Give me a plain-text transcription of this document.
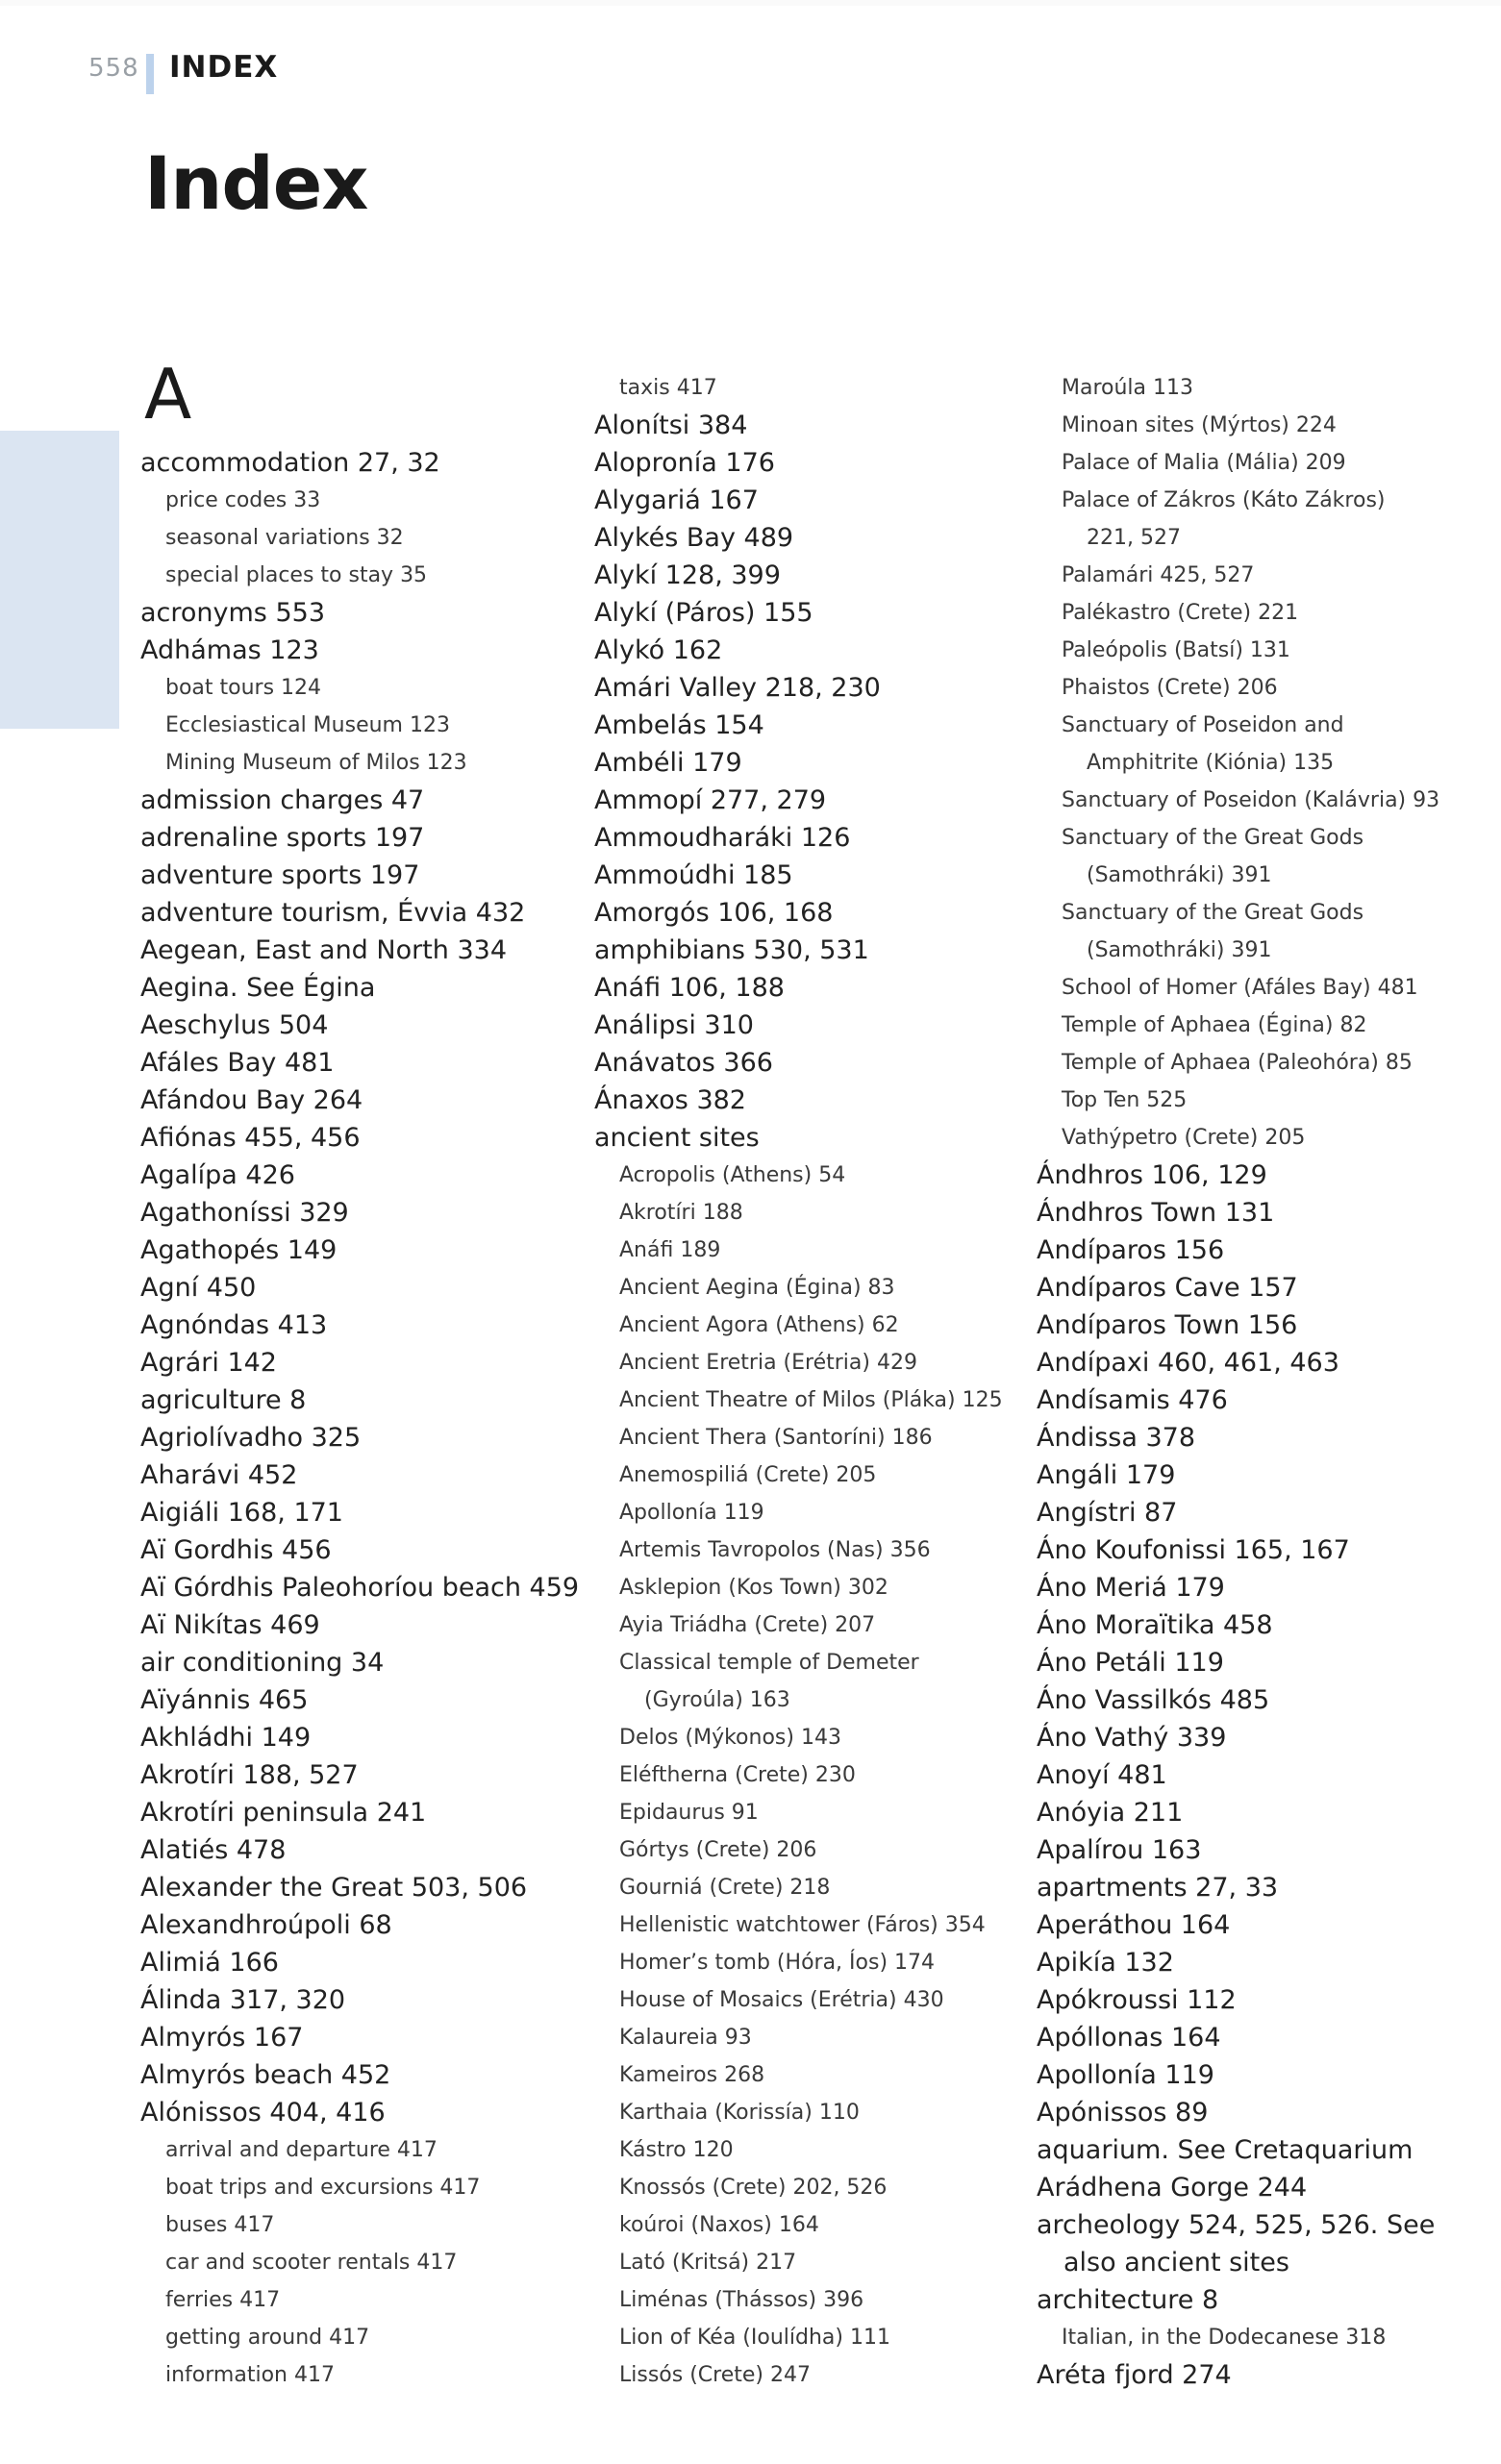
558 INDEX
Index
A
accommodation 27, 32
price codes 33
seasonal variations 32
special places to stay 35
acronyms 553
Adhámas 123
boat tours 124
Ecclesiastical Museum 123
Mining Museum of Milos 123
admission charges 47
adrenaline sports 197
adventure sports 197
adventure tourism, Évvia 432
Aegean, East and North 334
Aegina. See Égina
Aeschylus 504
Afáles Bay 481
Afándou Bay 264
Afiónas 455, 456
Agalípa 426
Agathoníssi 329
Agathopés 149
Agní 450
Agnóndas 413
Agrári 142
agriculture 8
Agriolívadho 325
Aharávi 452
Aigiáli 168, 171
Aï Gordhis 456
Aï Górdhis Paleohoríou beach 459
Aï Nikítas 469
air conditioning 34
Aïyánnis 465
Akhládhi 149
Akrotíri 188, 527
Akrotíri peninsula 241
Alatiés 478
Alexander the Great 503, 506
Alexandhroúpoli 68
Alimiá 166
Álinda 317, 320
Almyrós 167
Almyrós beach 452
Alónissos 404, 416
arrival and departure 417
boat trips and excursions 417
buses 417
car and scooter rentals 417
ferries 417
getting around 417
information 417
taxis 417
Alonítsi 384
Alopronía 176
Alygariá 167
Alykés Bay 489
Alykí 128, 399
Alykí (Páros) 155
Alykó 162
Amári Valley 218, 230
Ambelás 154
Ambéli 179
Ammopí 277, 279
Ammoudharáki 126
Ammoúdhi 185
Amorgós 106, 168
amphibians 530, 531
Anáfi 106, 188
Análipsi 310
Anávatos 366
Ánaxos 382
ancient sites
Acropolis (Athens) 54
Akrotíri 188
Anáfi 189
Ancient Aegina (Égina) 83
Ancient Agora (Athens) 62
Ancient Eretria (Erétria) 429
Ancient Theatre of Milos (Pláka) 125
Ancient Thera (Santoríni) 186
Anemospiliá (Crete) 205
Apollonía 119
Artemis Tavropolos (Nas) 356
Asklepion (Kos Town) 302
Ayia Triádha (Crete) 207
Classical temple of Demeter
(Gyroúla) 163
Delos (Mýkonos) 143
Eléftherna (Crete) 230
Epidaurus 91
Górtys (Crete) 206
Gourniá (Crete) 218
Hellenistic watchtower (Fáros) 354
Homer’s tomb (Hóra, Íos) 174
House of Mosaics (Erétria) 430
Kalaureia 93
Kameiros 268
Karthaia (Korissía) 110
Kástro 120
Knossós (Crete) 202, 526
koúroi (Naxos) 164
Lató (Kritsá) 217
Liménas (Thássos) 396
Lion of Kéa (Ioulídha) 111
Lissós (Crete) 247
Maroúla 113
Minoan sites (Mýrtos) 224
Palace of Malia (Mália) 209
Palace of Zákros (Káto Zákros)
221, 527
Palamári 425, 527
Palékastro (Crete) 221
Paleópolis (Batsí) 131
Phaistos (Crete) 206
Sanctuary of Poseidon and
Amphitrite (Kiónia) 135
Sanctuary of Poseidon (Kalávria) 93
Sanctuary of the Great Gods
(Samothráki) 391
Sanctuary of the Great Gods
(Samothráki) 391
School of Homer (Afáles Bay) 481
Temple of Aphaea (Égina) 82
Temple of Aphaea (Paleohóra) 85
Top Ten 525
Vathýpetro (Crete) 205
Ándhros 106, 129
Ándhros Town 131
Andíparos 156
Andíparos Cave 157
Andíparos Town 156
Andípaxi 460, 461, 463
Andísamis 476
Ándissa 378
Angáli 179
Angístri 87
Áno Koufonissi 165, 167
Áno Meriá 179
Áno Moraïtika 458
Áno Petáli 119
Áno Vassilkós 485
Áno Vathý 339
Anoyí 481
Anóyia 211
Apalírou 163
apartments 27, 33
Aperáthou 164
Apikía 132
Apókroussi 112
Apóllonas 164
Apollonía 119
Apónissos 89
aquarium. See Cretaquarium
Arádhena Gorge 244
archeology 524, 525, 526. See
also ancient sites
architecture 8
Italian, in the Dodecanese 318
Aréta fjord 274
